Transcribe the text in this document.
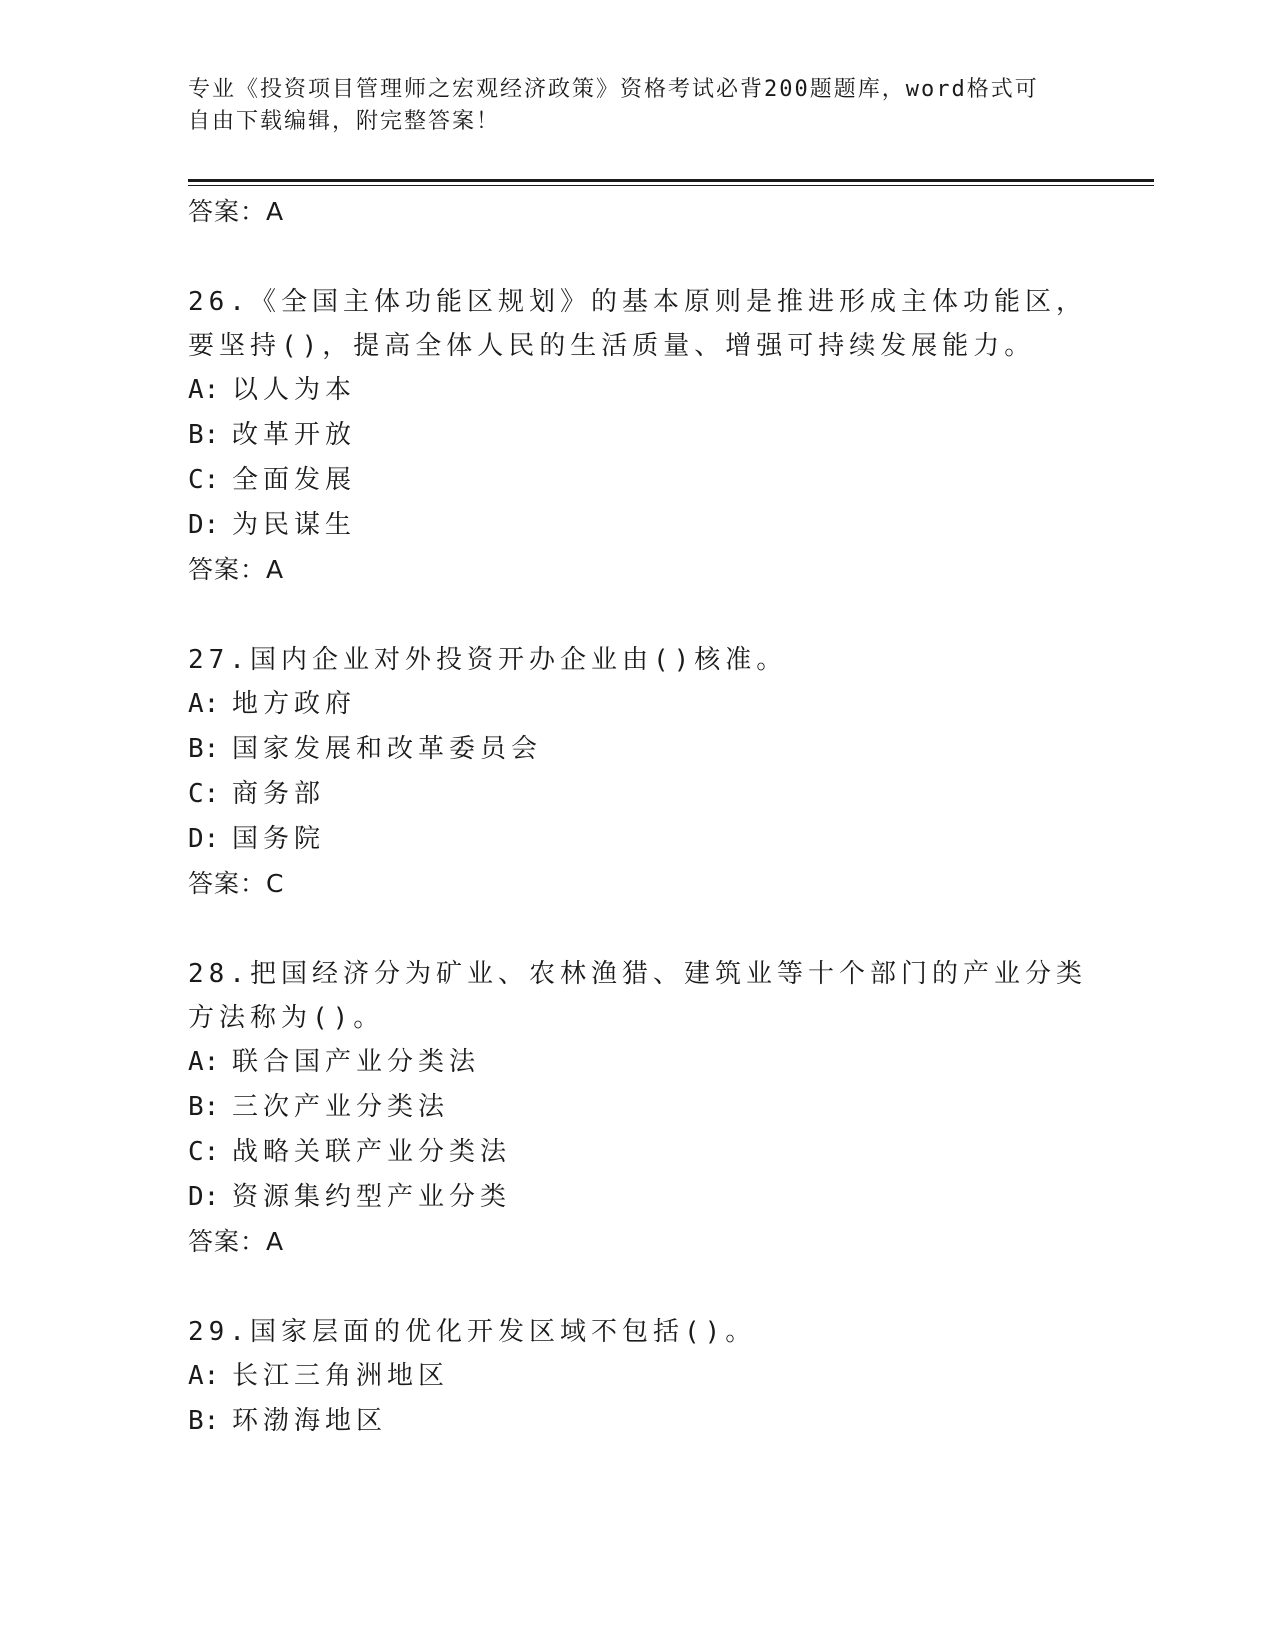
专业《投资项目管理师之宏观经济政策》资格考试必背200题题库，word格式可
自由下载编辑，附完整答案！
答案：A
26.《全国主体功能区规划》的基本原则是推进形成主体功能区，要坚持()，提高全体人民的生活质量、增强可持续发展能力。
A: 以人为本
B: 改革开放
C: 全面发展
D: 为民谋生
答案：A
27.国内企业对外投资开办企业由()核准。
A: 地方政府
B: 国家发展和改革委员会
C: 商务部
D: 国务院
答案：C
28.把国经济分为矿业、农林渔猎、建筑业等十个部门的产业分类方法称为()。
A: 联合国产业分类法
B: 三次产业分类法
C: 战略关联产业分类法
D: 资源集约型产业分类
答案：A
29.国家层面的优化开发区域不包括()。
A: 长江三角洲地区
B: 环渤海地区
